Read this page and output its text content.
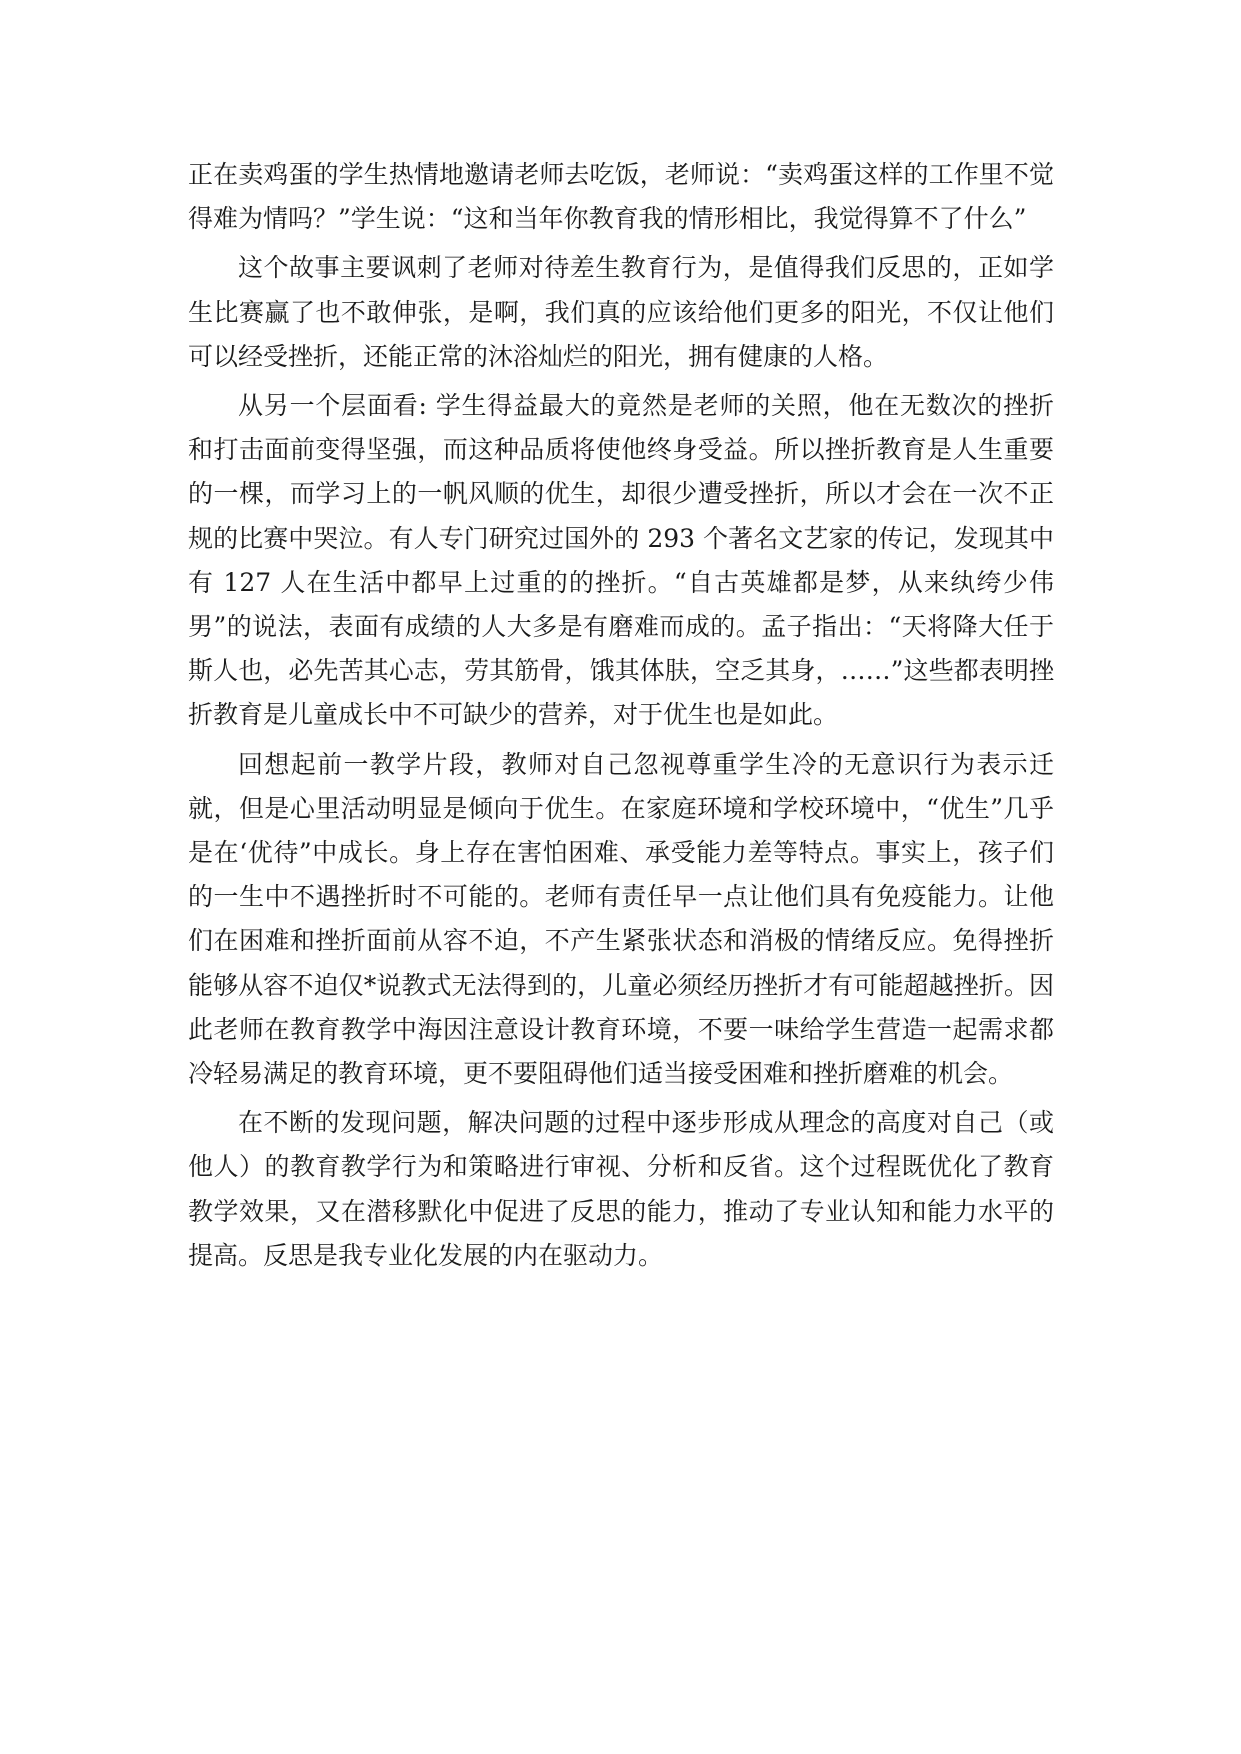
正在卖鸡蛋的学生热情地邀请老师去吃饭，老师说：“卖鸡蛋这样的工作里不觉得难为情吗？”学生说：“这和当年你教育我的情形相比，我觉得算不了什么”

这个故事主要讽刺了老师对待差生教育行为，是值得我们反思的，正如学生比赛赢了也不敢伸张，是啊，我们真的应该给他们更多的阳光，不仅让他们可以经受挫折，还能正常的沐浴灿烂的阳光，拥有健康的人格。

从另一个层面看: 学生得益最大的竟然是老师的关照，他在无数次的挫折和打击面前变得坚强，而这种品质将使他终身受益。所以挫折教育是人生重要的一棵，而学习上的一帆风顺的优生，却很少遭受挫折，所以才会在一次不正规的比赛中哭泣。有人专门研究过国外的 293 个著名文艺家的传记，发现其中有 127 人在生活中都早上过重的的挫折。“自古英雄都是梦，从来纨绔少伟男”的说法，表面有成绩的人大多是有磨难而成的。孟子指出：“天将降大任于斯人也，必先苦其心志，劳其筋骨，饿其体肤，空乏其身，……”这些都表明挫折教育是儿童成长中不可缺少的营养，对于优生也是如此。

回想起前一教学片段，教师对自己忽视尊重学生冷的无意识行为表示迁就，但是心里活动明显是倾向于优生。在家庭环境和学校环境中，“优生”几乎是在‘优待”中成长。身上存在害怕困难、承受能力差等特点。事实上，孩子们的一生中不遇挫折时不可能的。老师有责任早一点让他们具有免疫能力。让他们在困难和挫折面前从容不迫，不产生紧张状态和消极的情绪反应。免得挫折能够从容不迫仅*说教式无法得到的，儿童必须经历挫折才有可能超越挫折。因此老师在教育教学中海因注意设计教育环境，不要一味给学生营造一起需求都冷轻易满足的教育环境，更不要阻碍他们适当接受困难和挫折磨难的机会。

在不断的发现问题，解决问题的过程中逐步形成从理念的高度对自己（或他人）的教育教学行为和策略进行审视、分析和反省。这个过程既优化了教育教学效果，又在潜移默化中促进了反思的能力，推动了专业认知和能力水平的提高。反思是我专业化发展的内在驱动力。
